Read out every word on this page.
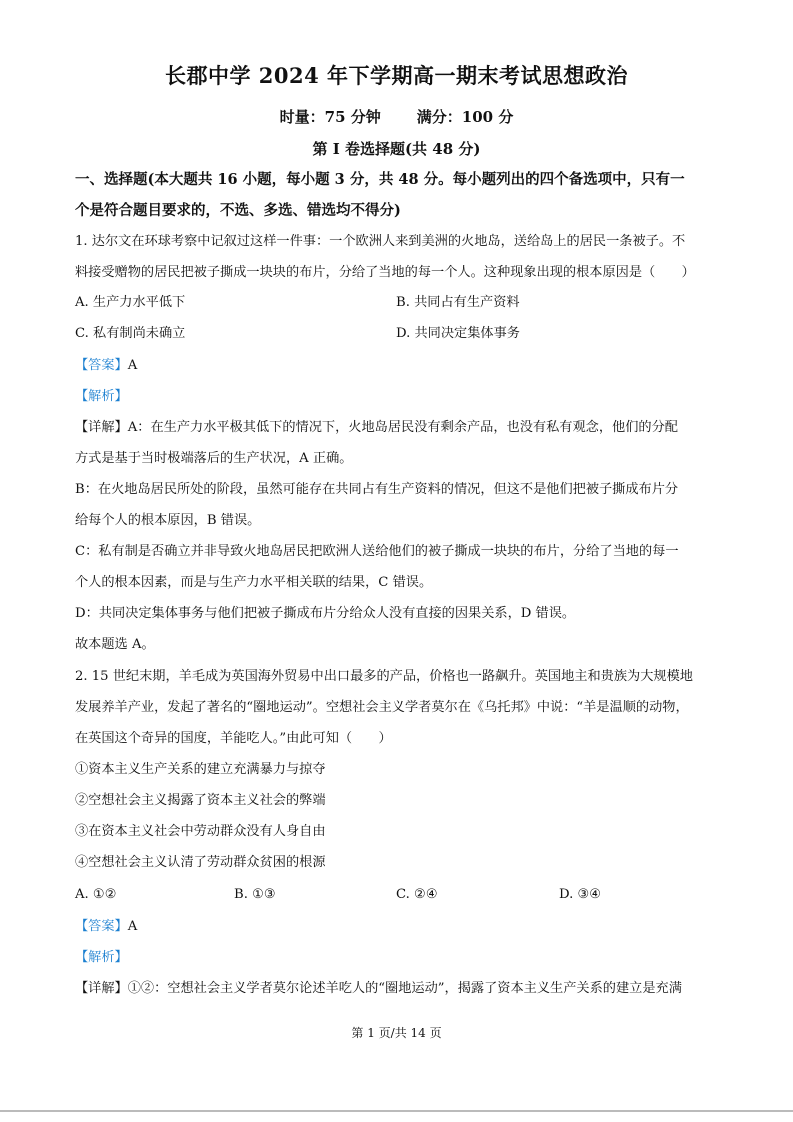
长郡中学 2024 年下学期高一期末考试思想政治
时量：75 分钟 满分：100 分
第 I 卷选择题(共 48 分)
一、选择题(本大题共 16 小题，每小题 3 分，共 48 分。每小题列出的四个备选项中，只有一
个是符合题目要求的，不选、多选、错选均不得分)
1. 达尔文在环球考察中记叙过这样一件事：一个欧洲人来到美洲的火地岛，送给岛上的居民一条被子。不
料接受赠物的居民把被子撕成一块块的布片，分给了当地的每一个人。这种现象出现的根本原因是（　　）
A. 生产力水平低下	B. 共同占有生产资料
C. 私有制尚未确立	D. 共同决定集体事务
【答案】A
【解析】
【详解】A：在生产力水平极其低下的情况下，火地岛居民没有剩余产品，也没有私有观念，他们的分配
方式是基于当时极端落后的生产状况，A 正确。
B：在火地岛居民所处的阶段，虽然可能存在共同占有生产资料的情况，但这不是他们把被子撕成布片分
给每个人的根本原因，B 错误。
C：私有制是否确立并非导致火地岛居民把欧洲人送给他们的被子撕成一块块的布片，分给了当地的每一
个人的根本因素，而是与生产力水平相关联的结果，C 错误。
D：共同决定集体事务与他们把被子撕成布片分给众人没有直接的因果关系，D 错误。
故本题选 A。
2. 15 世纪末期，羊毛成为英国海外贸易中出口最多的产品，价格也一路飙升。英国地主和贵族为大规模地
发展养羊产业，发起了著名的“圈地运动”。空想社会主义学者莫尔在《乌托邦》中说：“羊是温顺的动物，
在英国这个奇异的国度，羊能吃人。”由此可知（　　）
①资本主义生产关系的建立充满暴力与掠夺
②空想社会主义揭露了资本主义社会的弊端
③在资本主义社会中劳动群众没有人身自由
④空想社会主义认清了劳动群众贫困的根源
A. ①②	B. ①③	C. ②④	D. ③④
【答案】A
【解析】
【详解】①②：空想社会主义学者莫尔论述羊吃人的“圈地运动”，揭露了资本主义生产关系的建立是充满
第 1 页/共 14 页
